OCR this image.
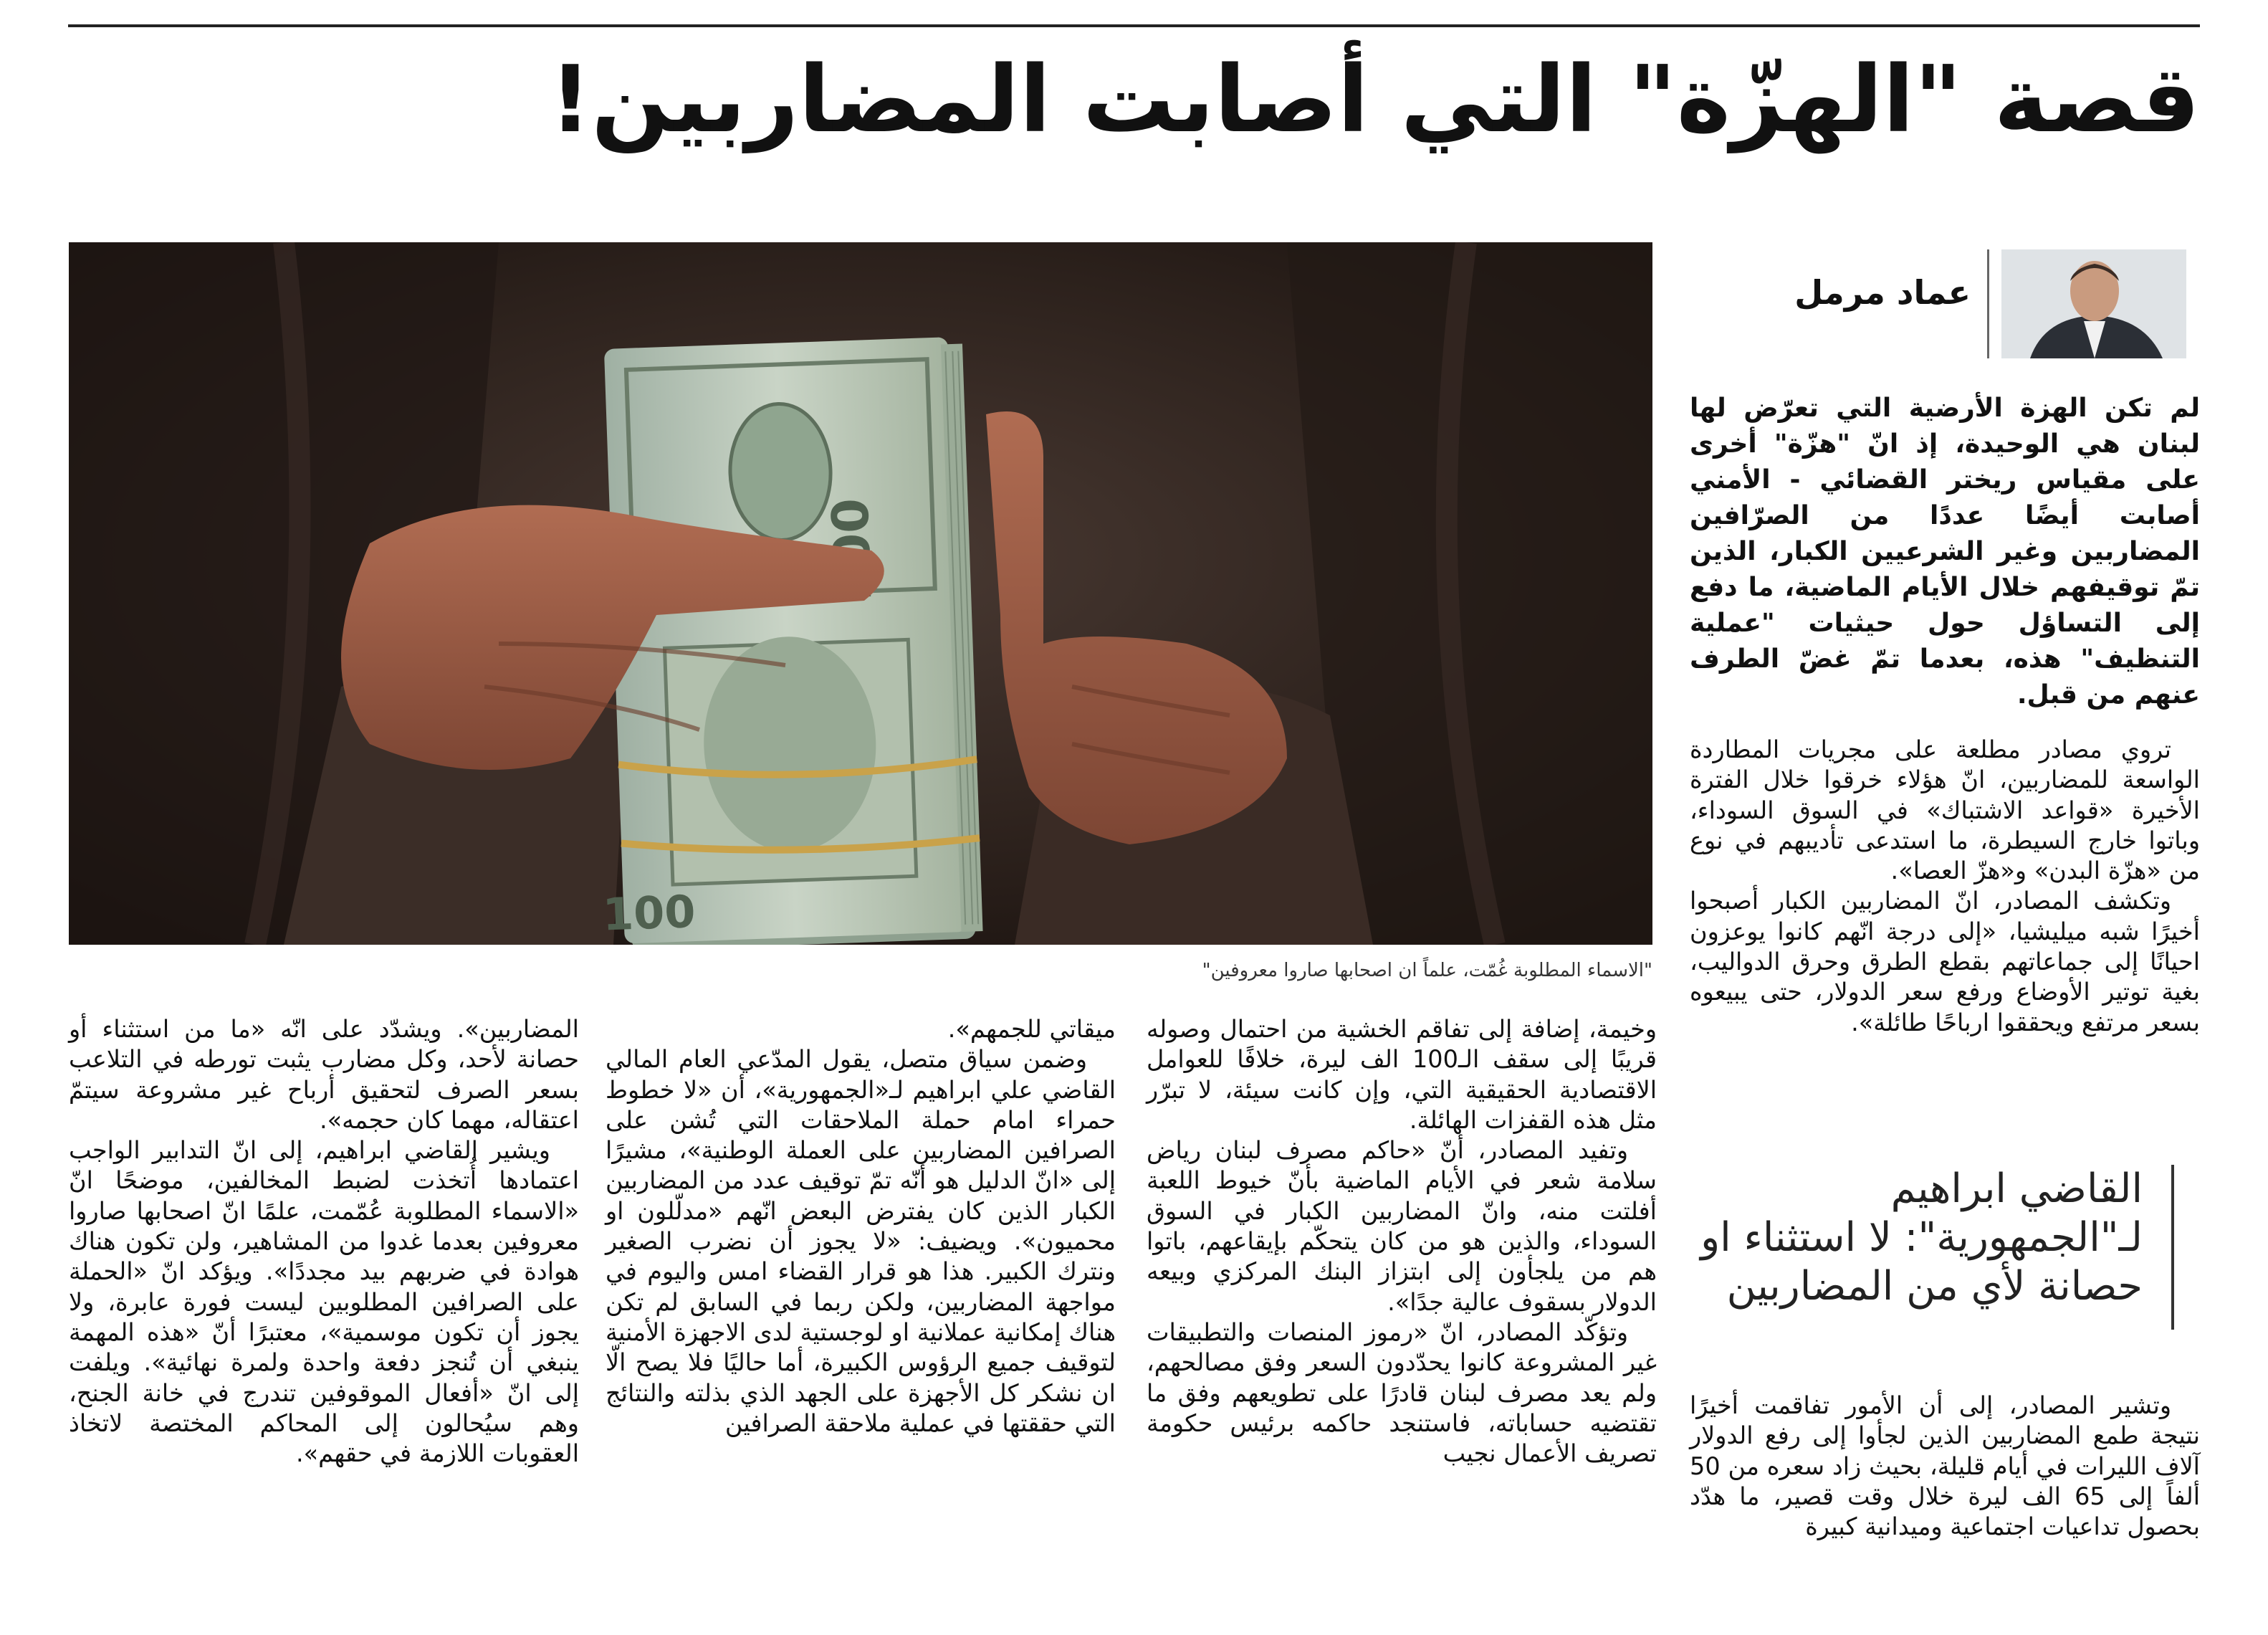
قصة "الهزّة" التي أصابت المضاربين!
100
"الاسماء المطلوبة غُمّت، علماً ان اصحابها صاروا معروفين"
عماد مرمل
لم تكن الهزة الأرضية التي تعرّض لها لبنان هي الوحيدة، إذ انّ "هزّة" أخرى على مقياس ريختر القضائي - الأمني أصابت أيضًا عددًا من الصرّافين المضاربين وغير الشرعيين الكبار، الذين تمّ توقيفهم خلال الأيام الماضية، ما دفع إلى التساؤل حول حيثيات "عملية التنظيف" هذه، بعدما تمّ غضّ الطرف عنهم من قبل.

تروي مصادر مطلعة على مجريات المطاردة الواسعة للمضاربين، انّ هؤلاء خرقوا خلال الفترة الأخيرة «قواعد الاشتباك» في السوق السوداء، وباتوا خارج السيطرة، ما استدعى تأديبهم في نوع من «هزّة البدن» و«هزّ العصا».

وتكشف المصادر، انّ المضاربين الكبار أصبحوا أخيرًا شبه ميليشيا، «إلى درجة انّهم كانوا يوعزون احيانًا إلى جماعاتهم بقطع الطرق وحرق الدواليب، بغية توتير الأوضاع ورفع سعر الدولار، حتى يبيعوه بسعر مرتفع ويحققوا ارباحًا طائلة».

القاضي ابراهيم لـ"الجمهورية": لا استثناء او حصانة لأي من المضاربين

وتشير المصادر، إلى أن الأمور تفاقمت أخيرًا نتيجة طمع المضاربين الذين لجأوا إلى رفع الدولار آلاف الليرات في أيام قليلة، بحيث زاد سعره من 50 ألفاً إلى 65 الف ليرة خلال وقت قصير، ما هدّد بحصول تداعيات اجتماعية وميدانية كبيرة

وخيمة، إضافة إلى تفاقم الخشية من احتمال وصوله قريبًا إلى سقف الـ100 الف ليرة، خلافًا للعوامل الاقتصادية الحقيقية التي، وإن كانت سيئة، لا تبرّر مثل هذه القفزات الهائلة.

وتفيد المصادر، أنّ «حاكم مصرف لبنان رياض سلامة شعر في الأيام الماضية بأنّ خيوط اللعبة أفلتت منه، وانّ المضاربين الكبار في السوق السوداء، والذين هو من كان يتحكّم بإيقاعهم، باتوا هم من يلجأون إلى ابتزاز البنك المركزي وبيعه الدولار بسقوف عالية جدًا».

وتؤكّد المصادر، انّ «رموز المنصات والتطبيقات غير المشروعة كانوا يحدّدون السعر وفق مصالحهم، ولم يعد مصرف لبنان قادرًا على تطويعهم وفق ما تقتضيه حساباته، فاستنجد حاكمه برئيس حكومة تصريف الأعمال نجيب

ميقاتي للجمهم».

وضمن سياق متصل، يقول المدّعي العام المالي القاضي علي ابراهيم لـ«الجمهورية»، أن «لا خطوط حمراء امام حملة الملاحقات التي تُشن على الصرافين المضاربين على العملة الوطنية»، مشيرًا إلى «انّ الدليل هو أنّه تمّ توقيف عدد من المضاربين الكبار الذين كان يفترض البعض انّهم «مدلّلون او محميون». ويضيف: «لا يجوز أن نضرب الصغير ونترك الكبير. هذا هو قرار القضاء امس واليوم في مواجهة المضاربين، ولكن ربما في السابق لم تكن هناك إمكانية عملانية او لوجستية لدى الاجهزة الأمنية لتوقيف جميع الرؤوس الكبيرة، أما حاليًا فلا يصح الّا ان نشكر كل الأجهزة على الجهد الذي بذلته والنتائج التي حققتها في عملية ملاحقة الصرافين

المضاربين». ويشدّد على انّه «ما من استثناء أو حصانة لأحد، وكل مضارب يثبت تورطه في التلاعب بسعر الصرف لتحقيق أرباح غير مشروعة سيتمّ اعتقاله، مهما كان حجمه».

ويشير القاضي ابراهيم، إلى انّ التدابير الواجب اعتمادها أُتخذت لضبط المخالفين، موضحًا انّ «الاسماء المطلوبة عُمّمت، علمًا انّ اصحابها صاروا معروفين بعدما غدوا من المشاهير، ولن تكون هناك هوادة في ضربهم بيد مجددًا». ويؤكد انّ «الحملة على الصرافين المطلوبين ليست فورة عابرة، ولا يجوز أن تكون موسمية»، معتبرًا أنّ «هذه المهمة ينبغي أن تُنجز دفعة واحدة ولمرة نهائية». ويلفت إلى انّ «أفعال الموقوفين تندرج في خانة الجنح، وهم سيُحالون إلى المحاكم المختصة لاتخاذ العقوبات اللازمة في حقهم».
